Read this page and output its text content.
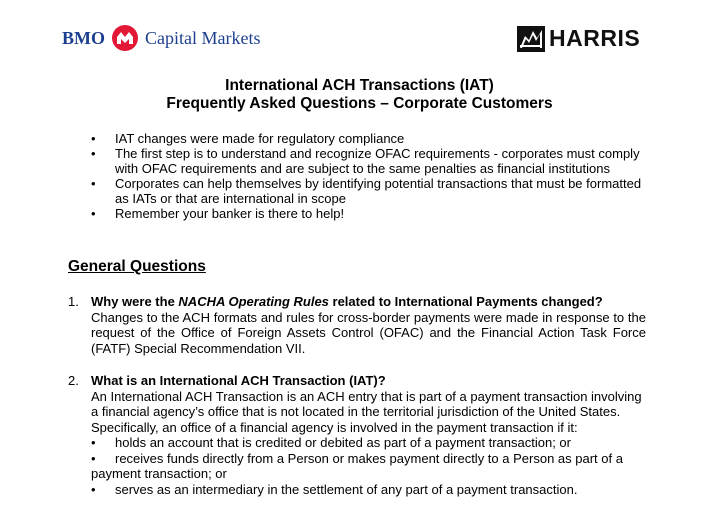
BMO Capital Markets	HARRIS
International ACH Transactions (IAT)
Frequently Asked Questions – Corporate Customers
• IAT changes were made for regulatory compliance
• The first step is to understand and recognize OFAC requirements - corporates must comply with OFAC requirements and are subject to the same penalties as financial institutions
• Corporates can help themselves by identifying potential transactions that must be formatted as IATs or that are international in scope
• Remember your banker is there to help!
General Questions
1. Why were the NACHA Operating Rules related to International Payments changed?
Changes to the ACH formats and rules for cross-border payments were made in response to the request of the Office of Foreign Assets Control (OFAC) and the Financial Action Task Force (FATF) Special Recommendation VII.
2. What is an International ACH Transaction (IAT)?
An International ACH Transaction is an ACH entry that is part of a payment transaction involving a financial agency’s office that is not located in the territorial jurisdiction of the United States. Specifically, an office of a financial agency is involved in the payment transaction if it:
•	holds an account that is credited or debited as part of a payment transaction; or
•	receives funds directly from a Person or makes payment directly to a Person as part of a payment transaction; or
•	serves as an intermediary in the settlement of any part of a payment transaction.
